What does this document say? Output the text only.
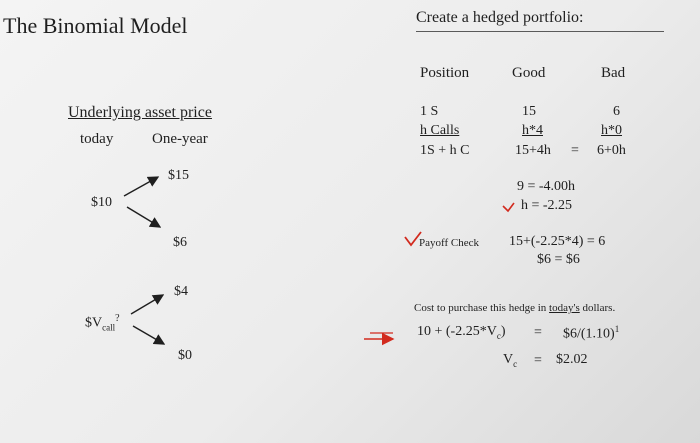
The Binomial Model	Create a hedged portfolio:
Underlying asset price
today	One-year
$10
$15
$6
$\$V_{call}^?$
$4
$0
Position	Good	Bad
1 S	15	6
h Calls	h*4	h*0
1S + h C	15+4h = 6+0h
9 = -4.00h
h = -2.25
Payoff Check 15+(-2.25*4) = 6
$6 = $6
Cost to purchase this hedge in today's dollars.
$10 + (-2.25*V_c)$ = $\$6/(1.10)^1$
$V_c$ = $2.02
